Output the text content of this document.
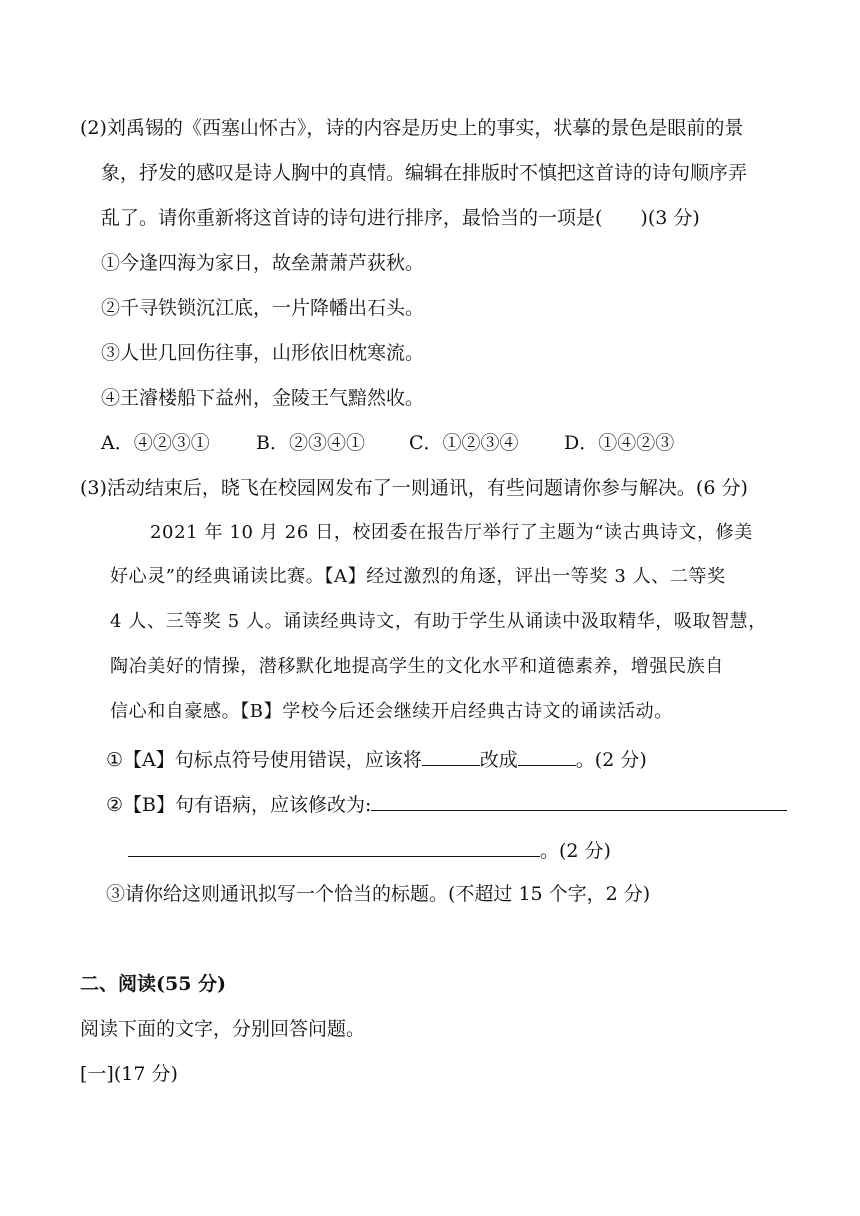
(2)刘禹锡的《西塞山怀古》，诗的内容是历史上的事实，状摹的景色是眼前的景
象，抒发的感叹是诗人胸中的真情。编辑在排版时不慎把这首诗的诗句顺序弄
乱了。请你重新将这首诗的诗句进行排序，最恰当的一项是(　　)(3 分)
①今逢四海为家日，故垒萧萧芦荻秋。
②千寻铁锁沉江底，一片降幡出石头。
③人世几回伤往事，山形依旧枕寒流。
④王濬楼船下益州，金陵王气黯然收。
A．④②③① B．②③④① C．①②③④ D．①④②③
(3)活动结束后，晓飞在校园网发布了一则通讯，有些问题请你参与解决。(6 分)
2021 年 10 月 26 日，校团委在报告厅举行了主题为“读古典诗文，修美
好心灵”的经典诵读比赛。【A】经过激烈的角逐，评出一等奖 3 人、二等奖
4 人、三等奖 5 人。诵读经典诗文，有助于学生从诵读中汲取精华，吸取智慧，
陶冶美好的情操，潜移默化地提高学生的文化水平和道德素养，增强民族自
信心和自豪感。【B】学校今后还会继续开启经典古诗文的诵读活动。
①【A】句标点符号使用错误，应该将	改成	。(2 分)
②【B】句有语病，应该修改为:
。(2 分)
③请你给这则通讯拟写一个恰当的标题。(不超过 15 个字，2 分)
二、阅读(55 分)
阅读下面的文字，分别回答问题。
[一](17 分)
